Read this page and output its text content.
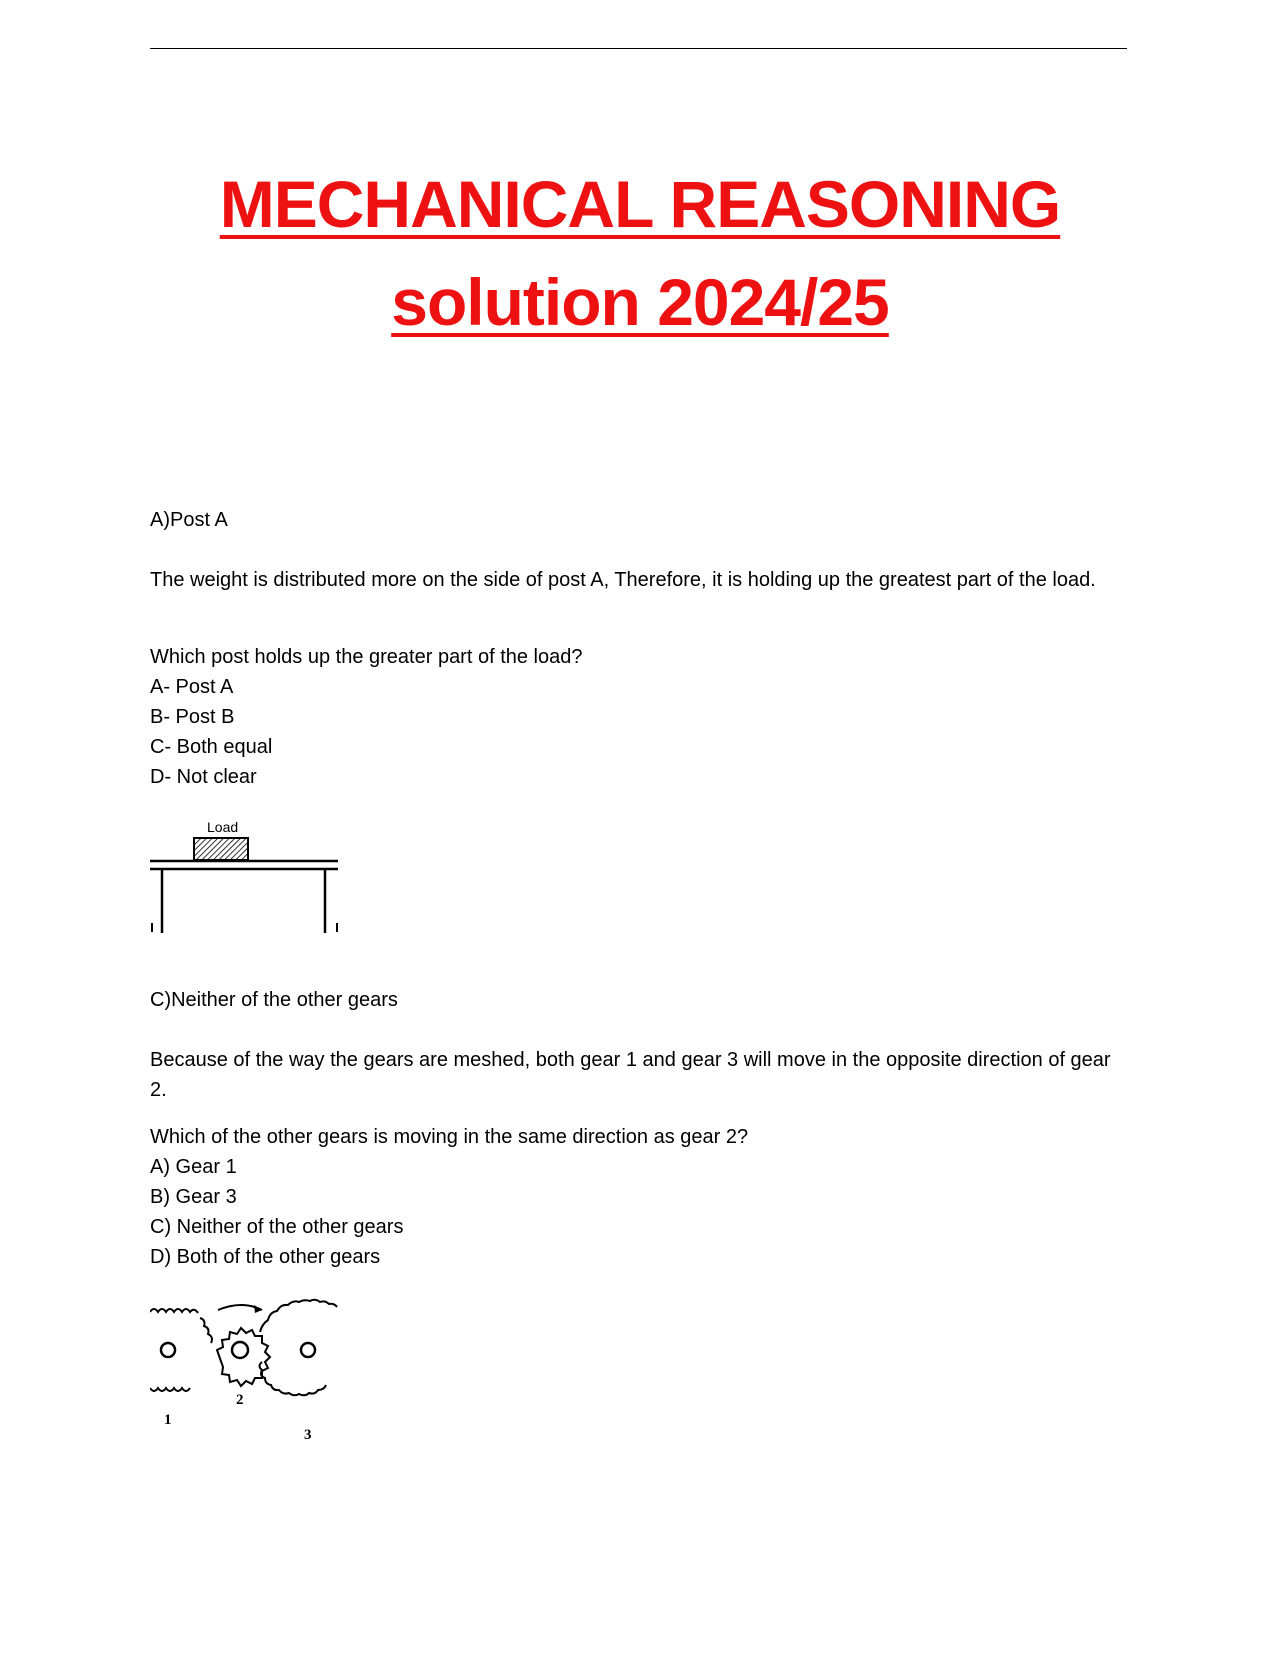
MECHANICAL REASONING
solution 2024/25

A)Post A

The weight is distributed more on the side of post A, Therefore, it is holding up the greatest part of the load.

Which post holds up the greater part of the load?

A- Post A

B- Post B

C- Both equal

D- Not clear

Load

C)Neither of the other gears

Because of the way the gears are meshed, both gear 1 and gear 3 will move in the opposite direction of gear 2.

Which of the other gears is moving in the same direction as gear 2?

A) Gear 1

B) Gear 3

C) Neither of the other gears

D) Both of the other gears

1
2
3
